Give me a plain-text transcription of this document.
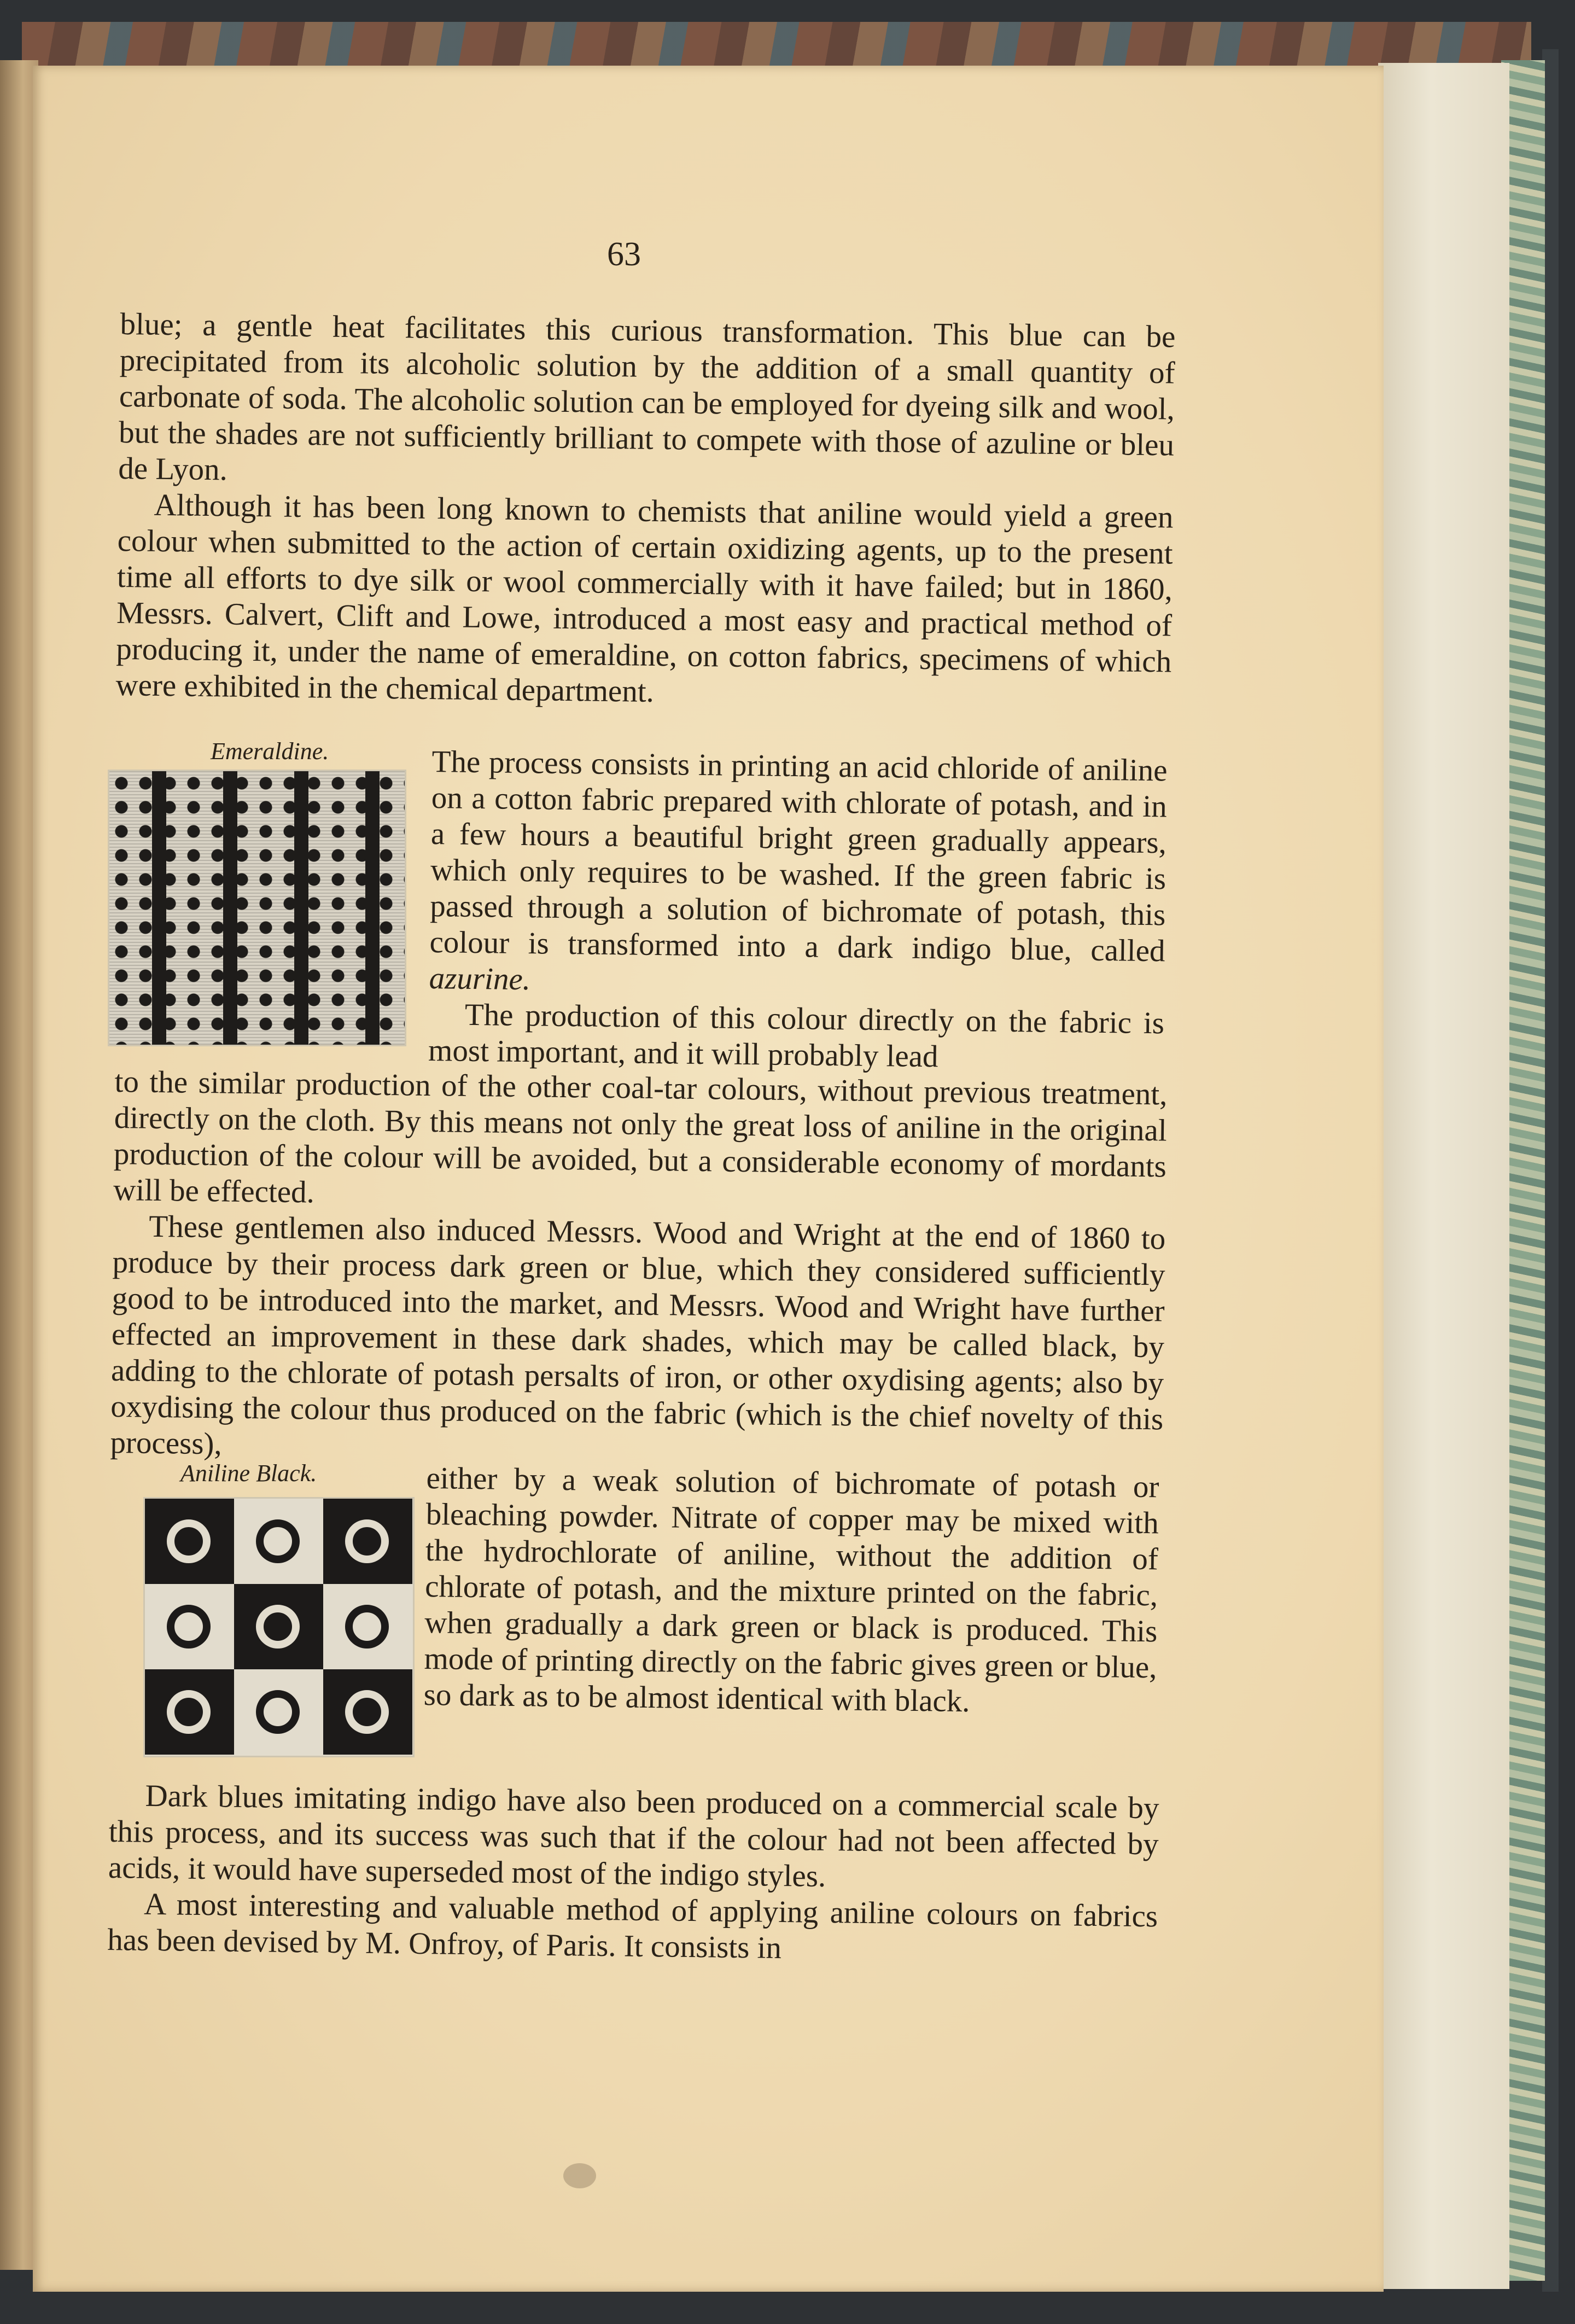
63

blue; a gentle heat facilitates this curious transformation. This blue can be precipitated from its alcoholic solution by the addition of a small quantity of carbonate of soda. The alcoholic solution can be employed for dyeing silk and wool, but the shades are not sufficiently brilliant to compete with those of azuline or bleu de Lyon.

Although it has been long known to chemists that aniline would yield a green colour when submitted to the action of certain oxidizing agents, up to the present time all efforts to dye silk or wool commercially with it have failed; but in 1860, Messrs. Calvert, Clift and Lowe, introduced a most easy and practical method of producing it, under the name of emeraldine, on cotton fabrics, specimens of which were exhibited in the chemical department.

Emeraldine.	The process consists in printing an acid chloride of aniline on a cotton fabric prepared with chlorate of potash, and in a few hours a beautiful bright green gradually appears, which only requires to be washed. If the green fabric is passed through a solution of bichromate of potash, this colour is transformed into a dark indigo blue, called azurine.

The production of this colour directly on the fabric is most important, and it will probably lead

to the similar production of the other coal-tar colours, without previous treatment, directly on the cloth. By this means not only the great loss of aniline in the original production of the colour will be avoided, but a considerable economy of mordants will be effected.

These gentlemen also induced Messrs. Wood and Wright at the end of 1860 to produce by their process dark green or blue, which they considered sufficiently good to be introduced into the market, and Messrs. Wood and Wright have further effected an improvement in these dark shades, which may be called black, by adding to the chlorate of potash persalts of iron, or other oxydising agents; also by oxydising the colour thus produced on the fabric (which is the chief novelty of this process),

Aniline Black.	either by a weak solution of bichromate of potash or bleaching powder. Nitrate of copper may be mixed with the hydrochlorate of aniline, without the addition of chlorate of potash, and the mixture printed on the fabric, when gradually a dark green or black is produced. This mode of printing directly on the fabric gives green or blue, so dark as to be almost identical with black.

Dark blues imitating indigo have also been produced on a commercial scale by this process, and its success was such that if the colour had not been affected by acids, it would have superseded most of the indigo styles.

A most interesting and valuable method of applying aniline colours on fabrics has been devised by M. Onfroy, of Paris. It consists in
